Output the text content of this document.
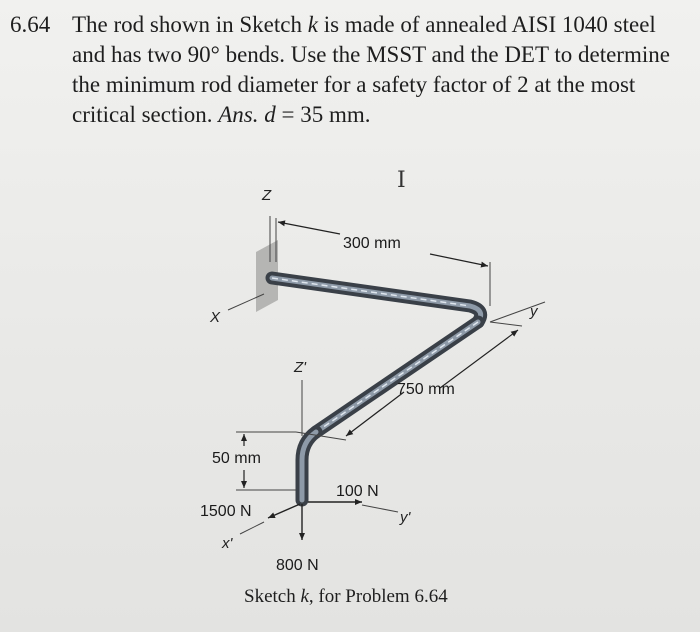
6.64 The rod shown in Sketch k is made of annealed AISI 1040 steel and has two 90° bends. Use the MSST and the DET to determine the minimum rod diameter for a safety factor of 2 at the most critical section. Ans. d = 35 mm.

I
Z
X	y
300 mm
750 mm
Z'
50 mm
100 N
y'
1500 N
x'
800 N
Sketch k, for Problem 6.64
